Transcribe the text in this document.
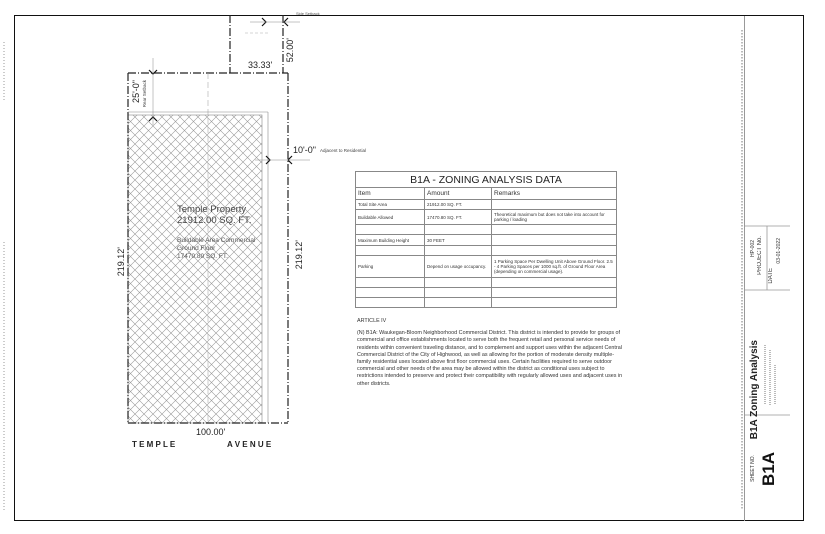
33.33'
52.00'
Side Setback
25'-0" Rear Setback
10'-0" Adjacent to Residential
Temple Property
21912.00 SQ. FT.
Buildable Area Commercial
Ground Floor
17470.80 SQ. FT.
219.12'	219.12'
100.00'
T E M P L E	A V E N U E
B1A - ZONING ANALYSIS DATA		
Item	Amount	Remarks
Total Site Area	21912.00 SQ. FT.	
Buildable Allowed	17470.80 SQ. FT.	Theoretical maximum but does not take into account for parking / loading

Maximum Building Height	30 FEET	

Parking	Depend on usage occupancy.	1 Parking Space Per Dwelling Unit Above Ground Floor. 2.5 - 4 Parking Spaces per 1000 sq.ft. of Ground Floor Area (depending on commercial usage).

ARTICLE IV
(N) B1A: Waukegan-Bloom Neighborhood Commercial District. This district is intended to provide for groups of commercial and office establishments located to serve both the frequent retail and personal service needs of residents within convenient traveling distance, and to complement and support uses within the adjacent Central Commercial District of the City of Highwood, as well as allowing for the portion of moderate density multiple-family residential uses located above first floor commercial uses. Certain facilities required to serve outdoor commercial and other needs of the area may be allowed within the district as conditional uses subject to restrictions intended to preserve and protect their compatibility with regularly allowed uses and adjacent uses in other districts.
HP-002 PROJECT No.
DATE
03-01-2022
B1A Zoning Analysis
SHEET NO. B1A
